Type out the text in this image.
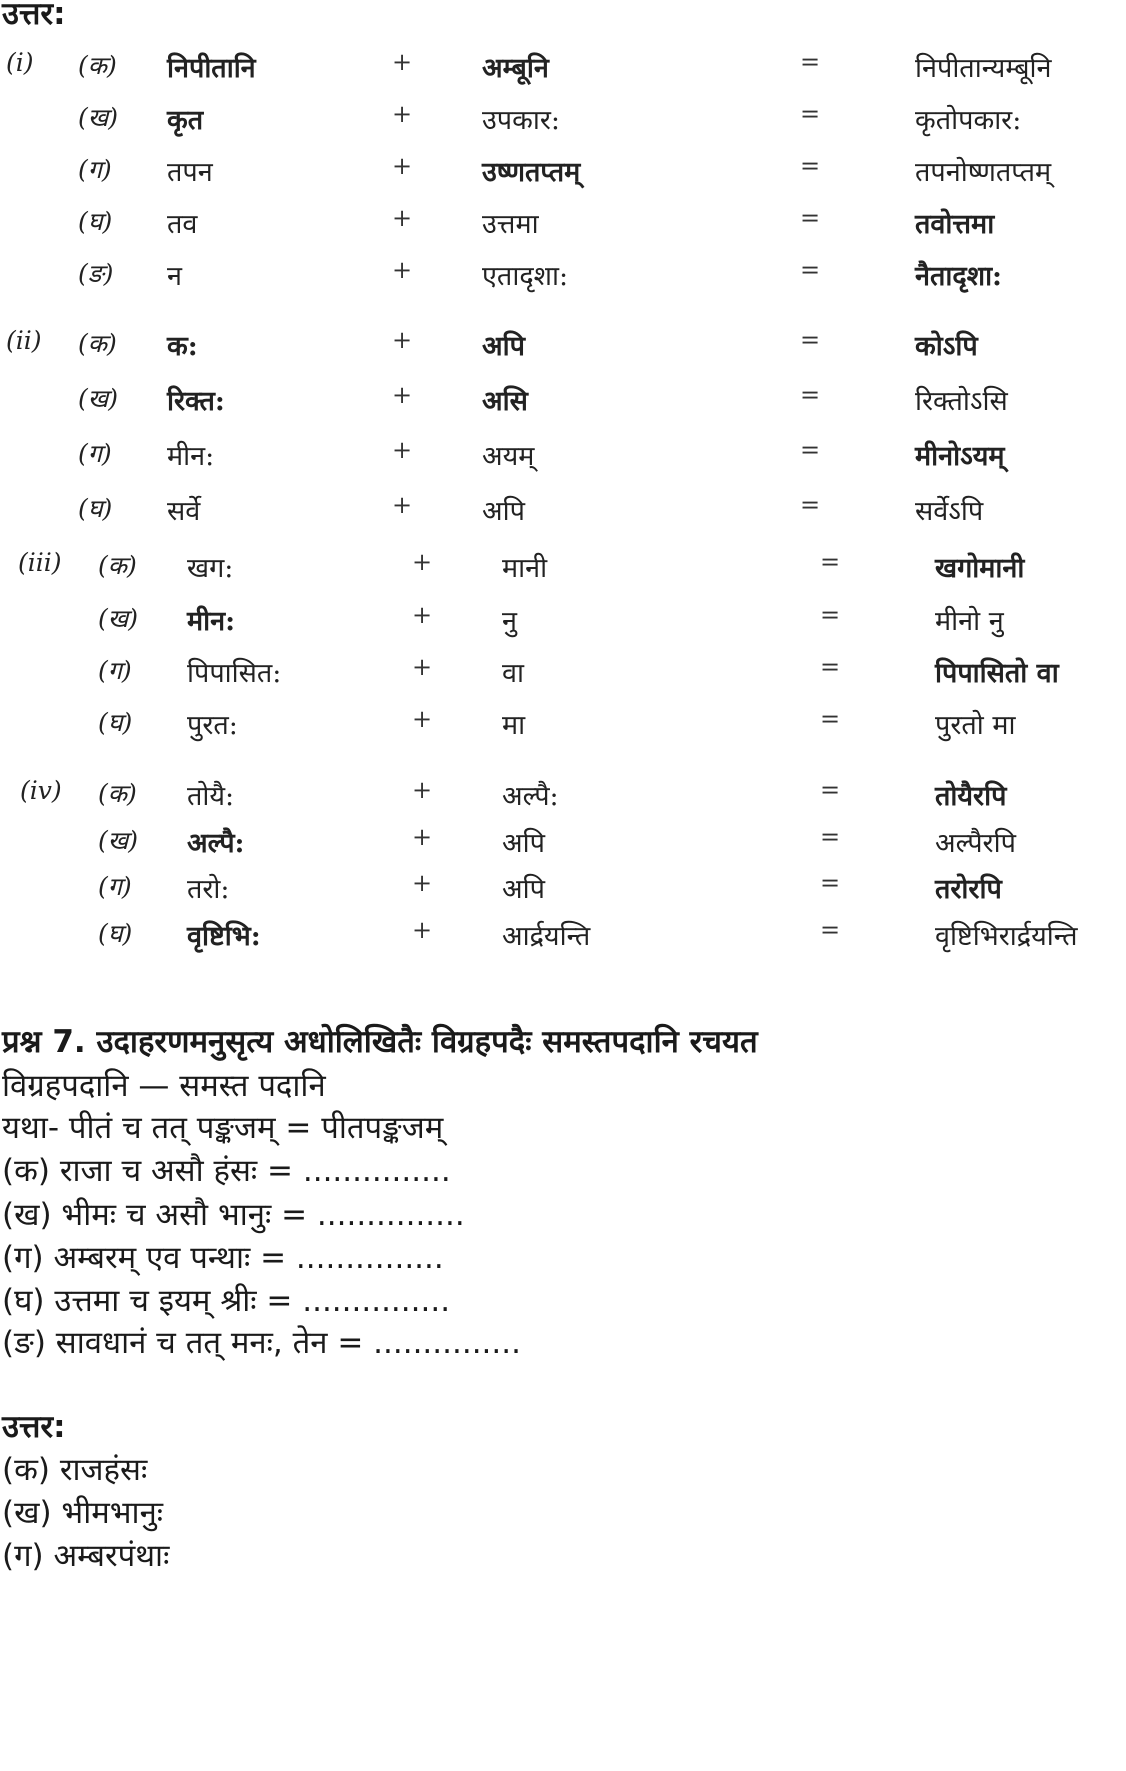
उत्तर:
(i) (क) निपीतानि	+	अम्बूनि	=	निपीतान्यम्बूनि
(ख) कृत	+	उपकार:	=	कृतोपकार:
(ग) तपन	+	उष्णतप्तम्	=	तपनोष्णतप्तम्
(घ) तव	+	उत्तमा	=	तवोत्तमा
(ङ) न	+	एतादृशा:	=	नैतादृशा:
(ii) (क) क:	+	अपि	=	कोऽपि
(ख) रिक्त:	+	असि	=	रिक्तोऽसि
(ग) मीन:	+	अयम्	=	मीनोऽयम्
(घ) सर्वे	+	अपि	=	सर्वेऽपि
(iii) (क) खग:	+	मानी	=	खगोमानी
(ख) मीन:	+	नु	=	मीनो नु
(ग) पिपासित:	+	वा	=	पिपासितो वा
(घ) पुरत:	+	मा	=	पुरतो मा
(iv) (क) तोयै:	+	अल्पै:	=	तोयैरपि
(ख) अल्पै:	+	अपि	=	अल्पैरपि
(ग) तरो:	+	अपि	=	तरोरपि
(घ) वृष्टिभि:	+	आर्द्रयन्ति	=	वृष्टिभिरार्द्रयन्ति
प्रश्न 7. उदाहरणमनुसृत्य अधोलिखितैः विग्रहपदैः समस्तपदानि रचयत
विग्रहपदानि — समस्त पदानि
यथा- पीतं च तत् पङ्कजम् = पीतपङ्कजम्
(क) राजा च असौ हंसः = ...............
(ख) भीमः च असौ भानुः = ...............
(ग) अम्बरम् एव पन्थाः = ...............
(घ) उत्तमा च इयम् श्रीः = ...............
(ङ) सावधानं च तत् मनः, तेन = ...............
उत्तर:
(क) राजहंसः
(ख) भीमभानुः
(ग) अम्बरपंथाः
